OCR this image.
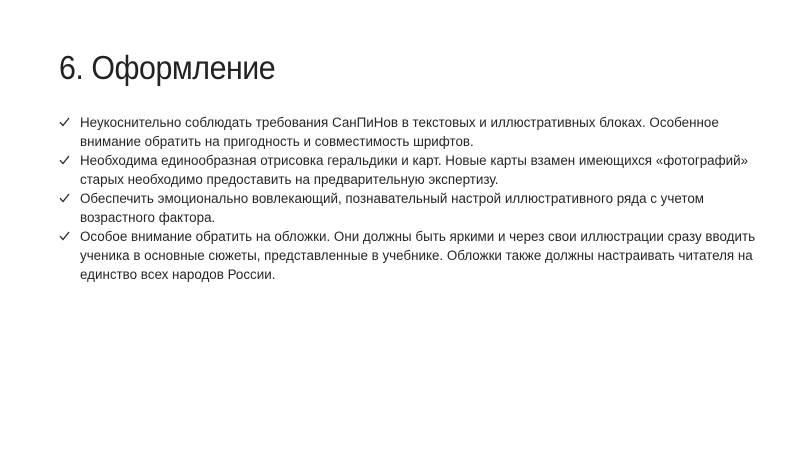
6. Оформление
Неукоснительно соблюдать требования СанПиНов в текстовых и иллюстративных блоках. Особенное внимание обратить на пригодность и совместимость шрифтов.
Необходима единообразная отрисовка геральдики и карт. Новые карты взамен имеющихся «фотографий» старых необходимо предоставить на предварительную экспертизу.
Обеспечить эмоционально вовлекающий, познавательный настрой иллюстративного ряда с учетом возрастного фактора.
Особое внимание обратить на обложки. Они должны быть яркими и через свои иллюстрации сразу вводить ученика в основные сюжеты, представленные в учебнике. Обложки также должны настраивать читателя на единство всех народов России.
